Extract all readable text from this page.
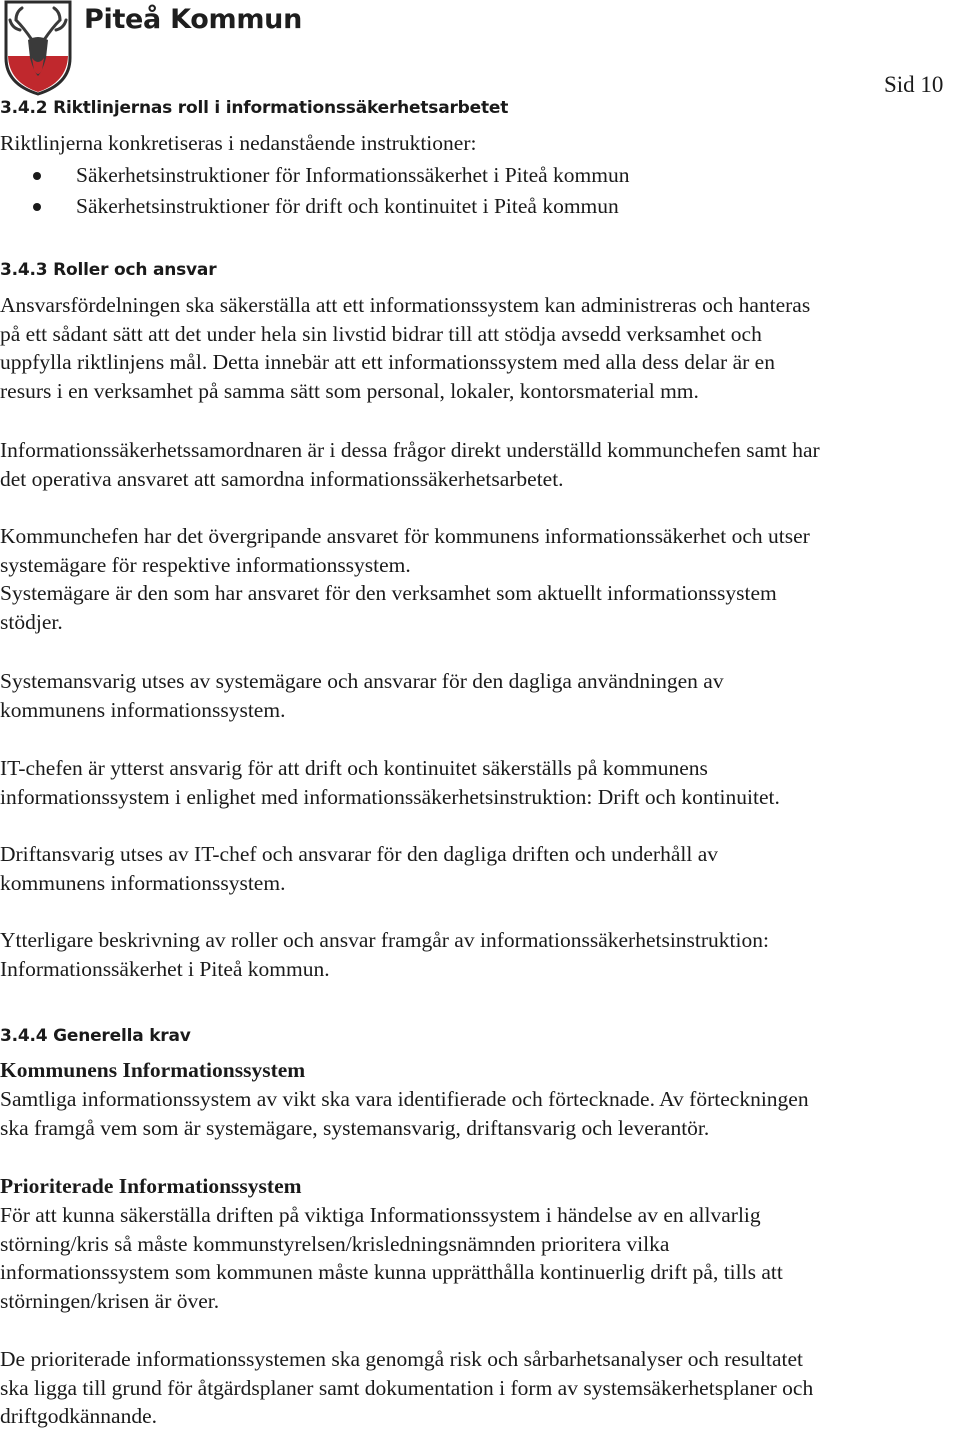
Piteå Kommun
Sid 10
3.4.2 Riktlinjernas roll i informationssäkerhetsarbetet
Riktlinjerna konkretiseras i nedanstående instruktioner:
Säkerhetsinstruktioner för Informationssäkerhet i Piteå kommun
Säkerhetsinstruktioner för drift och kontinuitet i Piteå kommun
3.4.3 Roller och ansvar
Ansvarsfördelningen ska säkerställa att ett informationssystem kan administreras och hanteras
på ett sådant sätt att det under hela sin livstid bidrar till att stödja avsedd verksamhet och
uppfylla riktlinjens mål. Detta innebär att ett informationssystem med alla dess delar är en
resurs i en verksamhet på samma sätt som personal, lokaler, kontorsmaterial mm.
Informationssäkerhetssamordnaren är i dessa frågor direkt underställd kommunchefen samt har
det operativa ansvaret att samordna informationssäkerhetsarbetet.
Kommunchefen har det övergripande ansvaret för kommunens informationssäkerhet och utser
systemägare för respektive informationssystem.
Systemägare är den som har ansvaret för den verksamhet som aktuellt informationssystem
stödjer.
Systemansvarig utses av systemägare och ansvarar för den dagliga användningen av
kommunens informationssystem.
IT-chefen är ytterst ansvarig för att drift och kontinuitet säkerställs på kommunens
informationssystem i enlighet med informationssäkerhetsinstruktion: Drift och kontinuitet.
Driftansvarig utses av IT-chef och ansvarar för den dagliga driften och underhåll av
kommunens informationssystem.
Ytterligare beskrivning av roller och ansvar framgår av informationssäkerhetsinstruktion:
Informationssäkerhet i Piteå kommun.
3.4.4 Generella krav
Kommunens Informationssystem
Samtliga informationssystem av vikt ska vara identifierade och förtecknade. Av förteckningen
ska framgå vem som är systemägare, systemansvarig, driftansvarig och leverantör.
Prioriterade Informationssystem
För att kunna säkerställa driften på viktiga Informationssystem i händelse av en allvarlig
störning/kris så måste kommunstyrelsen/krisledningsnämnden prioritera vilka
informationssystem som kommunen måste kunna upprätthålla kontinuerlig drift på, tills att
störningen/krisen är över.
De prioriterade informationssystemen ska genomgå risk och sårbarhetsanalyser och resultatet
ska ligga till grund för åtgärdsplaner samt dokumentation i form av systemsäkerhetsplaner och
driftgodkännande.
